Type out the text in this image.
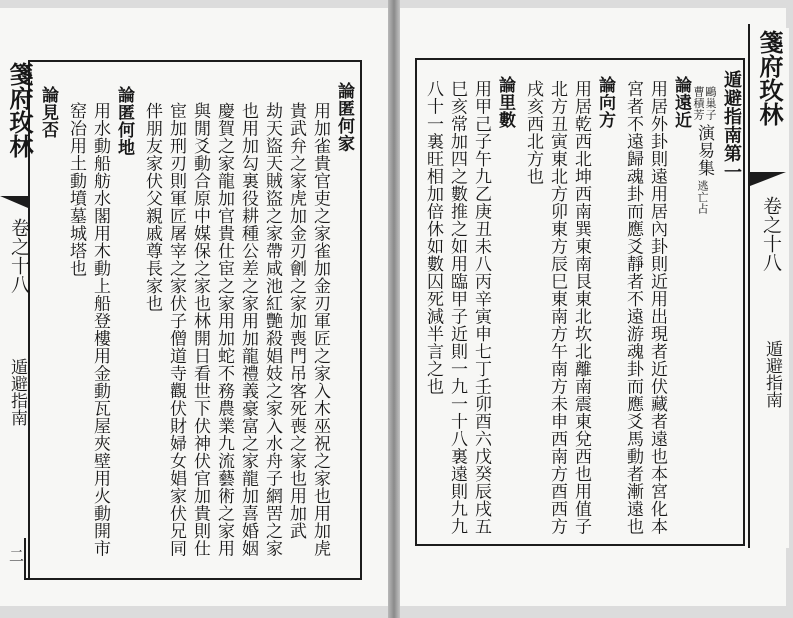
箋府玫林
卷之十八
遁避指南
二
論匿何家
用加雀貴官吏之家雀加金刃軍匠之家入木巫祝之家也用加虎
貴武弁之家虎加金刃劊之家加喪門吊客死喪之家也用加武
劫天盜天賊盜之家帶咸池紅艷殺娼妓之家入水舟子網罟之家
也用加勾裏役耕種公差之家用加龍禮義豪富之家龍加喜婚姻
慶賀之家龍加官貴仕宦之家用加蛇不務農業九流藝術之家用
與閒爻動合原中媒保之家也林開日看世下伏神伏官加貴則仕
宦加刑刃則軍匠屠宰之家伏子僧道寺觀伏財婦女娼家伏兄同
伴朋友家伏父親戚尊長家也
論匿何地
用水動船舫水閣用木動上船登樓用金動瓦屋夾壁用火動開市
窑冶用土動墳墓城塔也
論見否	箋府玫林
卷之十八
遁避指南
遁避指南第一
鷗巢子
曹積芳
演易集
逃亡占
論遠近
用居外卦則遠用居內卦則近用出現者近伏藏者遠也本宮化本
宮者不遠歸魂卦而應爻靜者不遠游魂卦而應爻馬動者漸遠也
論向方
用居乾西北坤西南巽東南艮東北坎北離南震東兌西也用值子
北方丑寅東北方卯東方辰巳東南方午南方未申西南方酉西方
戌亥西北方也
論里數
用甲己子午九乙庚丑未八丙辛寅申七丁壬卯酉六戊癸辰戌五
巳亥常加四之數推之如用臨甲子近則一九一十八裏遠則九九
八十一裏旺相加倍休如數囚死減半言之也
